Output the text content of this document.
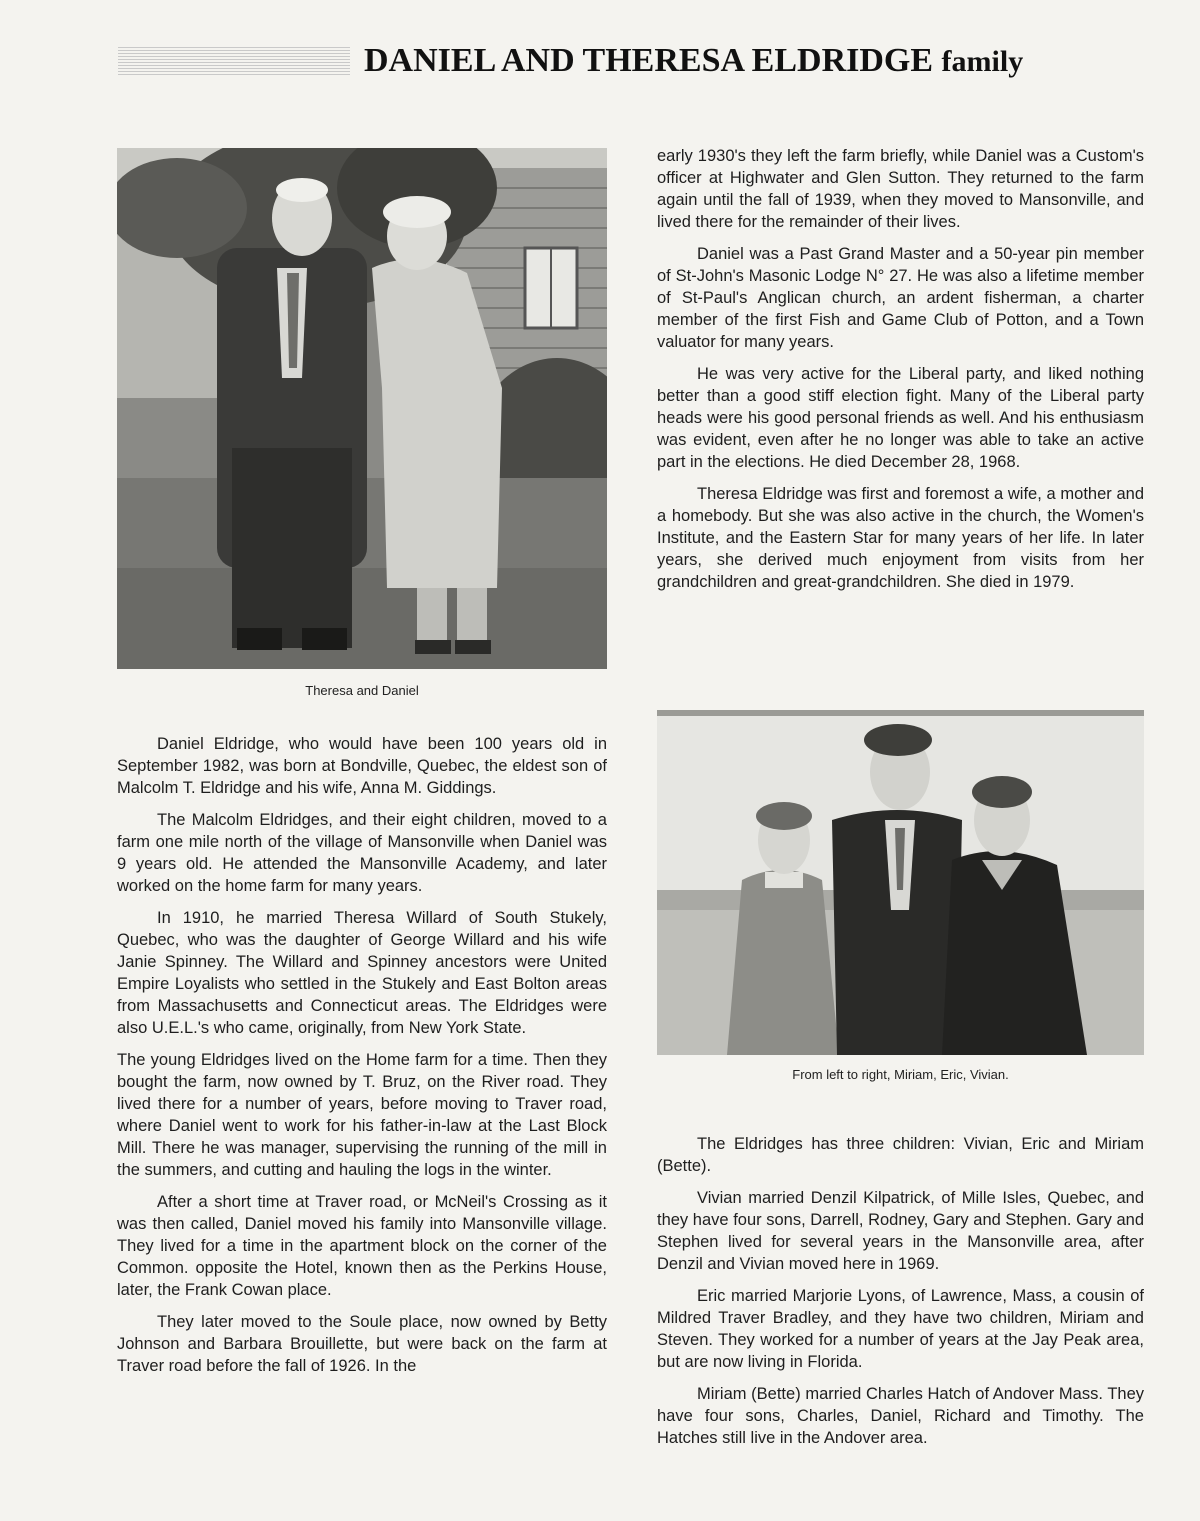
DANIEL AND THERESA ELDRIDGE family
Theresa and Daniel
From left to right, Miriam, Eric, Vivian.

Daniel Eldridge, who would have been 100 years old in September 1982, was born at Bondville, Quebec, the eldest son of Malcolm T. Eldridge and his wife, Anna M. Giddings.

The Malcolm Eldridges, and their eight children, moved to a farm one mile north of the village of Mansonville when Daniel was 9 years old. He attended the Mansonville Academy, and later worked on the home farm for many years.

In 1910, he married Theresa Willard of South Stukely, Quebec, who was the daughter of George Willard and his wife Janie Spinney. The Willard and Spinney ancestors were United Empire Loyalists who settled in the Stukely and East Bolton areas from Massachusetts and Connecticut areas. The Eldridges were also U.E.L.'s who came, originally, from New York State.

The young Eldridges lived on the Home farm for a time. Then they bought the farm, now owned by T. Bruz, on the River road. They lived there for a number of years, before moving to Traver road, where Daniel went to work for his father-in-law at the Last Block Mill. There he was manager, supervising the running of the mill in the summers, and cutting and hauling the logs in the winter.

After a short time at Traver road, or McNeil's Crossing as it was then called, Daniel moved his family into Mansonville village. They lived for a time in the apartment block on the corner of the Common. opposite the Hotel, known then as the Perkins House, later, the Frank Cowan place.

They later moved to the Soule place, now owned by Betty Johnson and Barbara Brouillette, but were back on the farm at Traver road before the fall of 1926. In the

early 1930's they left the farm briefly, while Daniel was a Custom's officer at Highwater and Glen Sutton. They returned to the farm again until the fall of 1939, when they moved to Mansonville, and lived there for the remainder of their lives.

Daniel was a Past Grand Master and a 50-year pin member of St-John's Masonic Lodge N° 27. He was also a lifetime member of St-Paul's Anglican church, an ardent fisherman, a charter member of the first Fish and Game Club of Potton, and a Town valuator for many years.

He was very active for the Liberal party, and liked nothing better than a good stiff election fight. Many of the Liberal party heads were his good personal friends as well. And his enthusiasm was evident, even after he no longer was able to take an active part in the elections. He died December 28, 1968.

Theresa Eldridge was first and foremost a wife, a mother and a homebody. But she was also active in the church, the Women's Institute, and the Eastern Star for many years of her life. In later years, she derived much enjoyment from visits from her grandchildren and great-grandchildren. She died in 1979.

The Eldridges has three children: Vivian, Eric and Miriam (Bette).

Vivian married Denzil Kilpatrick, of Mille Isles, Quebec, and they have four sons, Darrell, Rodney, Gary and Stephen. Gary and Stephen lived for several years in the Mansonville area, after Denzil and Vivian moved here in 1969.

Eric married Marjorie Lyons, of Lawrence, Mass, a cousin of Mildred Traver Bradley, and they have two children, Miriam and Steven. They worked for a number of years at the Jay Peak area, but are now living in Florida.

Miriam (Bette) married Charles Hatch of Andover Mass. They have four sons, Charles, Daniel, Richard and Timothy. The Hatches still live in the Andover area.
